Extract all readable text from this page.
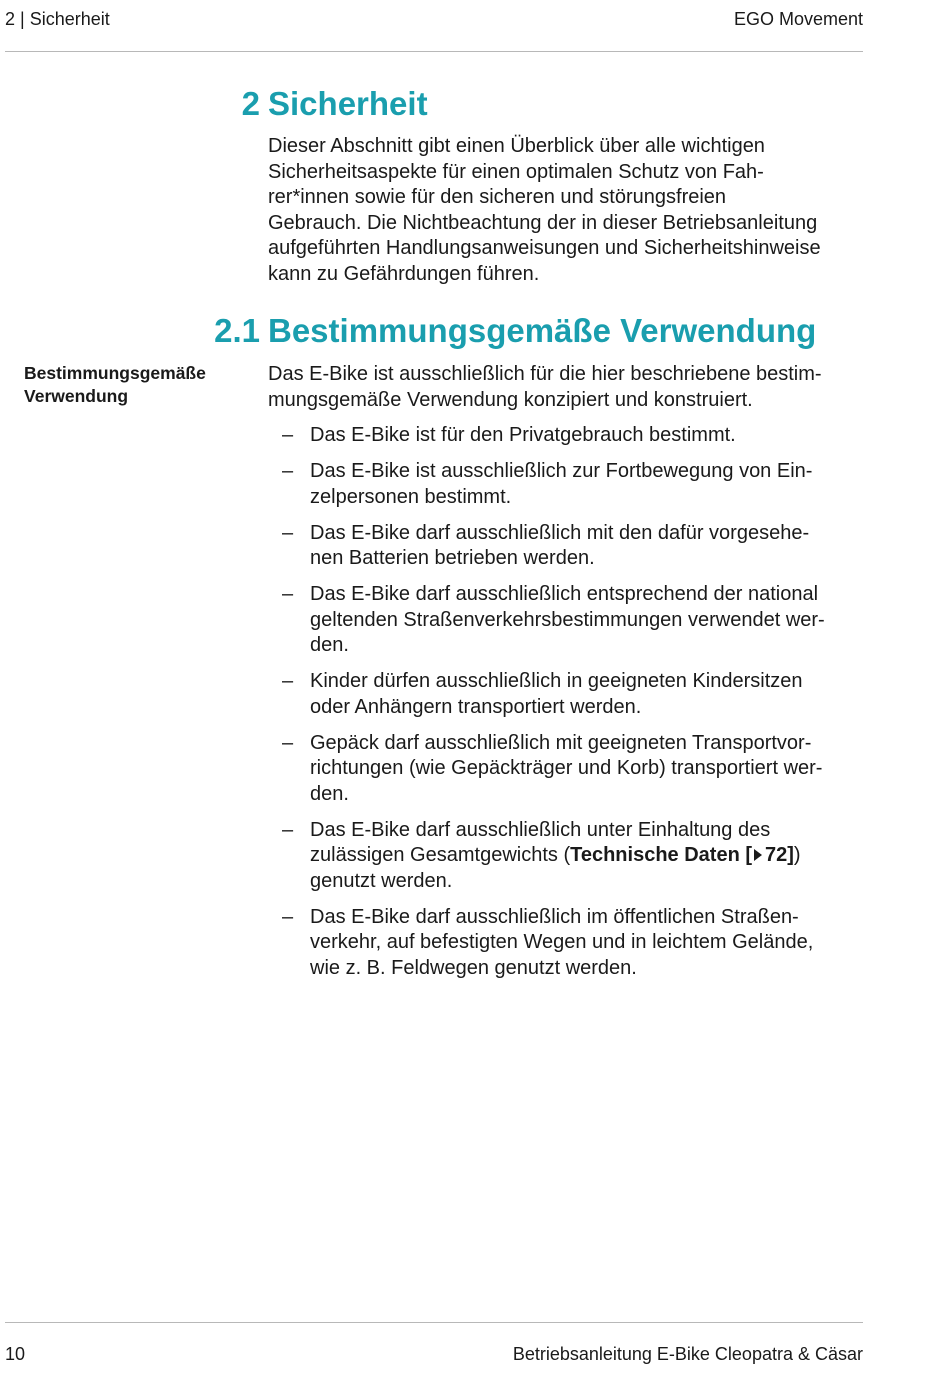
2 | Sicherheit	EGO Movement
2 Sicherheit
Dieser Abschnitt gibt einen Überblick über alle wichtigen
Sicherheitsaspekte für einen optimalen Schutz von Fah-
rer*innen sowie für den sicheren und störungsfreien
Gebrauch. Die Nichtbeachtung der in dieser Betriebsanleitung
aufgeführten Handlungsanweisungen und Sicherheitshinweise
kann zu Gefährdungen führen.
2.1 Bestimmungsgemäße Verwendung
Bestimmungsgemäße
Verwendung
Das E-Bike ist ausschließlich für die hier beschriebene bestim-
mungsgemäße Verwendung konzipiert und konstruiert.
– Das E-Bike ist für den Privatgebrauch bestimmt.
– Das E-Bike ist ausschließlich zur Fortbewegung von Ein-
zelpersonen bestimmt.
– Das E-Bike darf ausschließlich mit den dafür vorgesehe-
nen Batterien betrieben werden.
– Das E-Bike darf ausschließlich entsprechend der national
geltenden Straßenverkehrsbestimmungen verwendet wer-
den.
– Kinder dürfen ausschließlich in geeigneten Kindersitzen
oder Anhängern transportiert werden.
– Gepäck darf ausschließlich mit geeigneten Transportvor-
richtungen (wie Gepäckträger und Korb) transportiert wer-
den.
– Das E-Bike darf ausschließlich unter Einhaltung des
zulässigen Gesamtgewichts (Technische Daten [ 72])
genutzt werden.
– Das E-Bike darf ausschließlich im öffentlichen Straßen-
verkehr, auf befestigten Wegen und in leichtem Gelände,
wie z. B. Feldwegen genutzt werden.
10	Betriebsanleitung E-Bike Cleopatra & Cäsar
